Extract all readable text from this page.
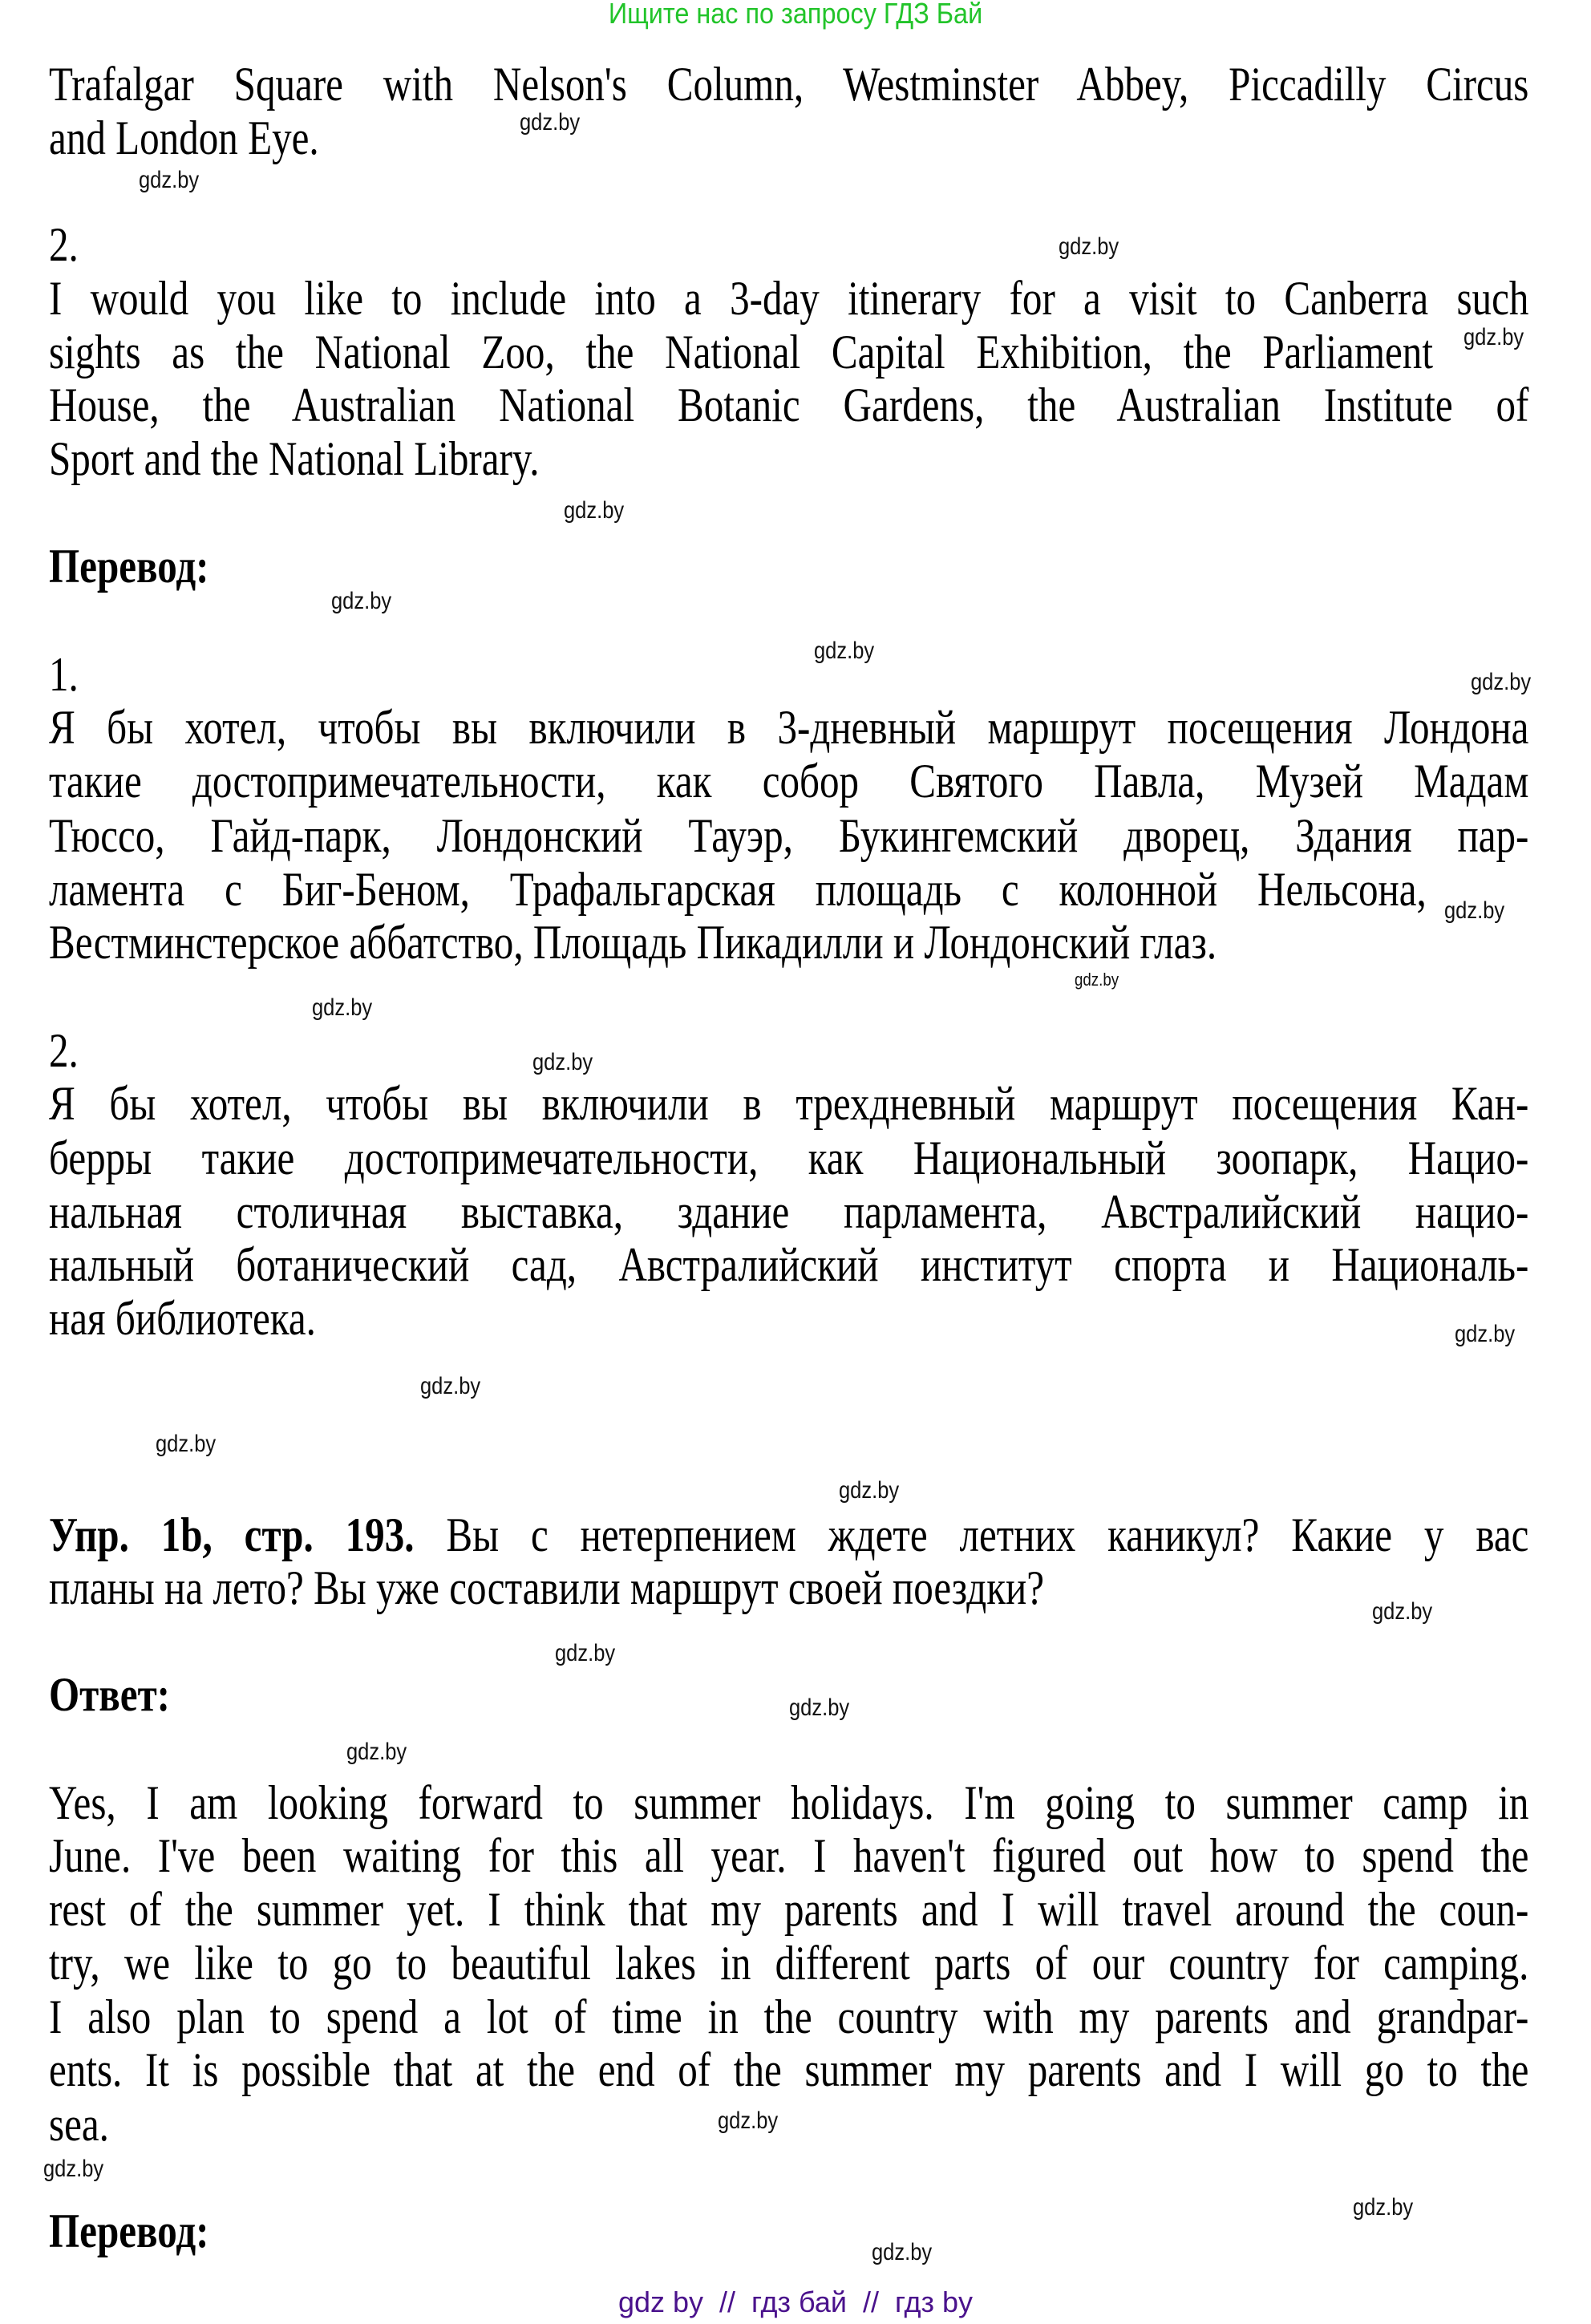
Ищите нас по запросу ГДЗ Бай
Trafalgar Square with Nelson's Column, Westminster Abbey, Piccadilly Circus
and London Eye.
2.
I would you like to include into a 3-day itinerary for a visit to Canberra such
sights as the National Zoo, the National Capital Exhibition, the Parliament
House, the Australian National Botanic Gardens, the Australian Institute of
Sport and the National Library.
Перевод:
1.
Я бы хотел, чтобы вы включили в 3-дневный маршрут посещения Лондона
такие достопримечательности, как собор Святого Павла, Музей Мадам
Тюссо, Гайд-парк, Лондонский Тауэр, Букингемский дворец, Здания пар-
ламента с Биг-Беном, Трафальгарская площадь с колонной Нельсона,
Вестминстерское аббатство, Площадь Пикадилли и Лондонский глаз.
2.
Я бы хотел, чтобы вы включили в трехдневный маршрут посещения Кан-
берры такие достопримечательности, как Национальный зоопарк, Нацио-
нальная столичная выставка, здание парламента, Австралийский нацио-
нальный ботанический сад, Австралийский институт спорта и Националь-
ная библиотека.
Упр. 1b, стр. 193. Вы с нетерпением ждете летних каникул? Какие у вас
планы на лето? Вы уже составили маршрут своей поездки?
Ответ:
Yes, I am looking forward to summer holidays. I'm going to summer camp in
June. I've been waiting for this all year. I haven't figured out how to spend the
rest of the summer yet. I think that my parents and I will travel around the coun-
try, we like to go to beautiful lakes in different parts of our country for camping.
I also plan to spend a lot of time in the country with my parents and grandpar-
ents. It is possible that at the end of the summer my parents and I will go to the
sea.
Перевод:
gdz.by
gdz.by
gdz.by
gdz.by
gdz.by
gdz.by
gdz.by
gdz.by
gdz.by
gdz.by
gdz.by
gdz.by
gdz.by
gdz.by
gdz.by
gdz.by
gdz.by
gdz.by
gdz.by
gdz.by
gdz.by
gdz.by
gdz.by
gdz.by
gdz by  //  гдз бай  //  гдз by
